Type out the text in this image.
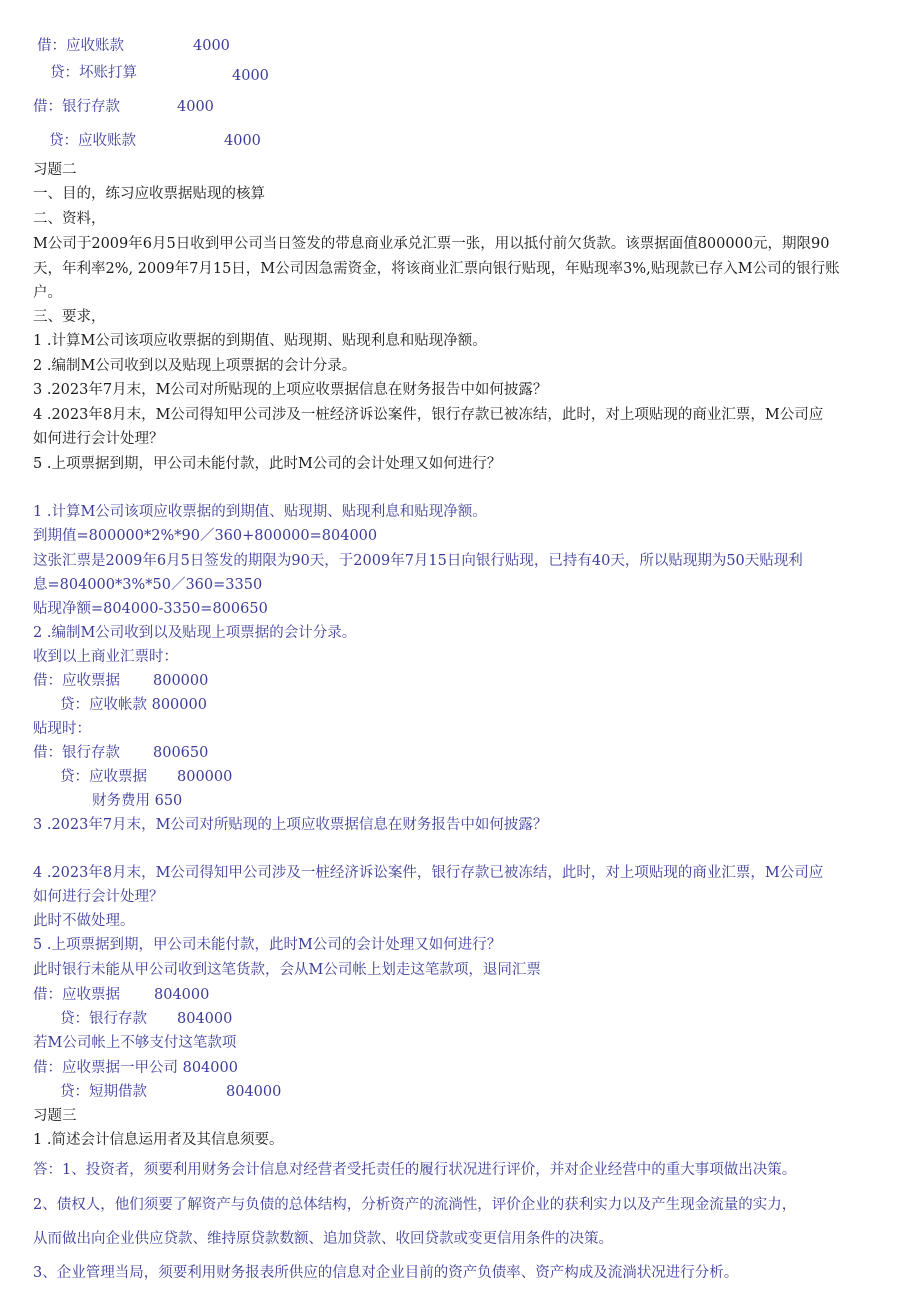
借：应收账款	4000
贷：坏账打算	4000
借：银行存款	4000
贷：应收账款	4000
习题二
一、目的，练习应收票据贴现的核算
二、资料，
M公司于2009年6月5日收到甲公司当日签发的带息商业承兑汇票一张，用以抵付前欠货款。该票据面值800000元，期限90
天，年利率2%, 2009年7月15日，M公司因急需资金，将该商业汇票向银行贴现，年贴现率3%,贴现款已存入M公司的银行账
户。
三、要求，
1 .计算M公司该项应收票据的到期值、贴现期、贴现利息和贴现净额。
2 .编制M公司收到以及贴现上项票据的会计分录。
3 .2023年7月末，M公司对所贴现的上项应收票据信息在财务报告中如何披露？
4 .2023年8月末，M公司得知甲公司涉及一桩经济诉讼案件，银行存款已被冻结，此时，对上项贴现的商业汇票，M公司应
如何进行会计处理？
5 .上项票据到期，甲公司未能付款，此时M公司的会计处理又如何进行？
1 .计算M公司该项应收票据的到期值、贴现期、贴现利息和贴现净额。
到期值=800000*2%*90／360+800000=804000
这张汇票是2009年6月5日签发的期限为90天，于2009年7月15日向银行贴现，已持有40天，所以贴现期为50天贴现利
息=804000*3%*50／360=3350
贴现净额=804000-3350=800650
2 .编制M公司收到以及贴现上项票据的会计分录。
收到以上商业汇票时：
借：应收票据 800000
贷：应收帐款 800000
贴现时：
借：银行存款 800650
贷：应收票据 800000
财务费用 650
3 .2023年7月末，M公司对所贴现的上项应收票据信息在财务报告中如何披露？
4 .2023年8月末，M公司得知甲公司涉及一桩经济诉讼案件，银行存款已被冻结，此时，对上项贴现的商业汇票，M公司应
如何进行会计处理？
此时不做处理。
5 .上项票据到期，甲公司未能付款，此时M公司的会计处理又如何进行？
此时银行未能从甲公司收到这笔货款，会从M公司帐上划走这笔款项，退同汇票
借：应收票据 804000
贷：银行存款 804000
若M公司帐上不够支付这笔款项
借：应收票据一甲公司 804000
贷：短期借款	804000
习题三
1 .简述会计信息运用者及其信息须要。
答：1、投资者，须要利用财务会计信息对经营者受托责任的履行状况进行评价，并对企业经营中的重大事项做出决策。
2、债权人，他们须要了解资产与负债的总体结构，分析资产的流淌性，评价企业的获利实力以及产生现金流量的实力，
从而做出向企业供应贷款、维持原贷款数额、追加贷款、收回贷款或变更信用条件的决策。
3、企业管理当局，须要利用财务报表所供应的信息对企业目前的资产负债率、资产构成及流淌状况进行分析。
